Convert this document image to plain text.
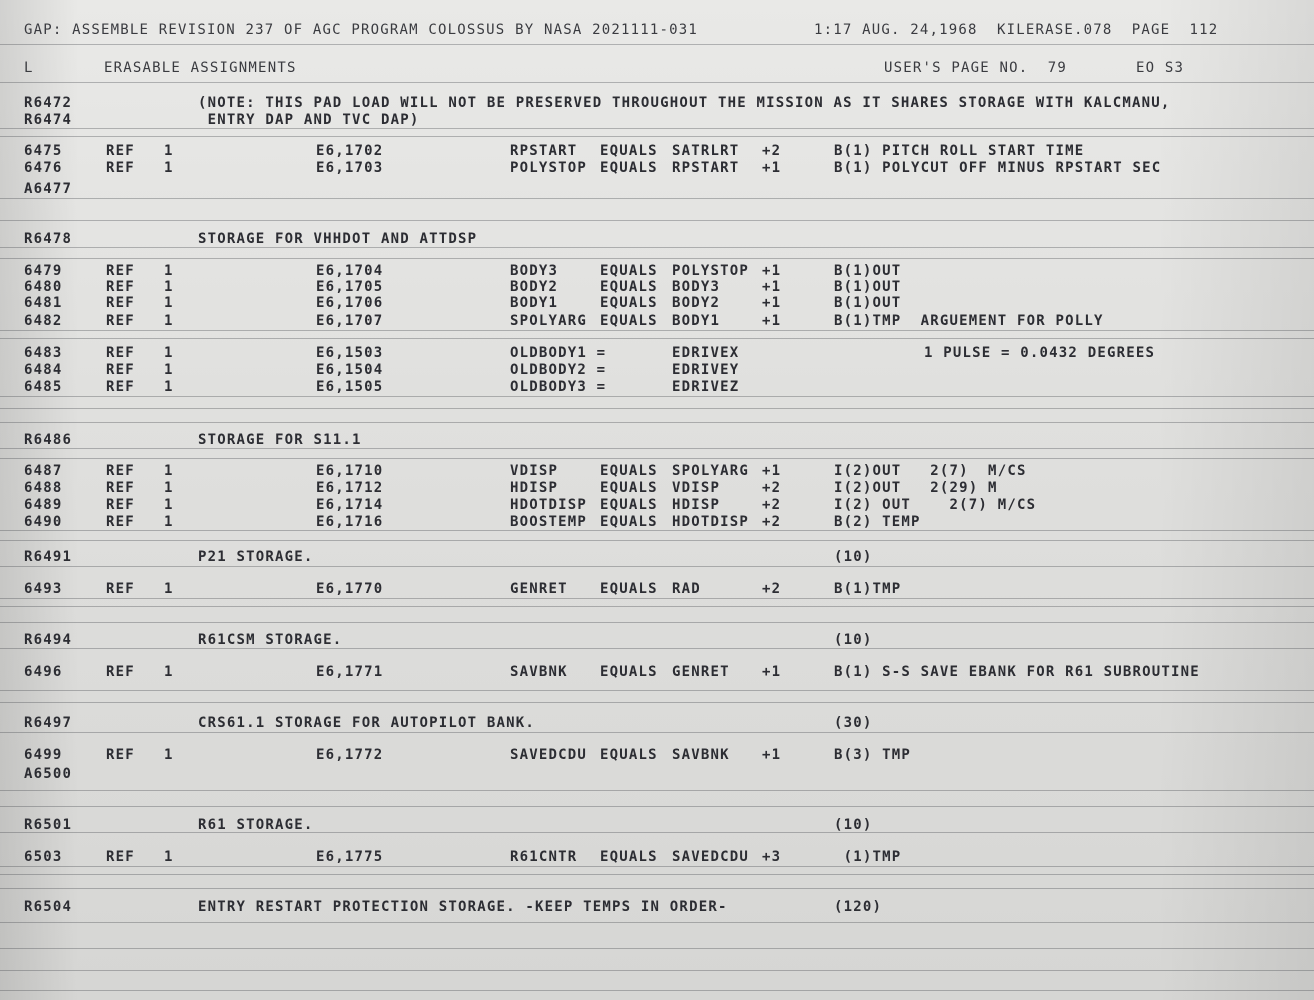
GAP: ASSEMBLE REVISION 237 OF AGC PROGRAM COLOSSUS BY NASA 2021111-031	1:17 AUG. 24,1968  KILERASE.078  PAGE  112
L	ERASABLE ASSIGNMENTS	USER'S PAGE NO.  79	EO S3
R6472	(NOTE: THIS PAD LOAD WILL NOT BE PRESERVED THROUGHOUT THE MISSION AS IT SHARES STORAGE WITH KALCMANU,
R6474	ENTRY DAP AND TVC DAP)
6475	REF 1	E6,1702	RPSTART EQUALS SATRLRT +2	B(1) PITCH ROLL START TIME
6476	REF 1	E6,1703	POLYSTOP EQUALS RPSTART +1	B(1) POLYCUT OFF MINUS RPSTART SEC
A6477
R6478	STORAGE FOR VHHDOT AND ATTDSP
6479	REF 1	E6,1704	BODY3	EQUALS POLYSTOP +1	B(1)OUT
6480	REF 1	E6,1705	BODY2	EQUALS BODY3	+1	B(1)OUT
6481	REF 1	E6,1706	BODY1	EQUALS BODY2	+1	B(1)OUT
6482	REF 1	E6,1707	SPOLYARG EQUALS BODY1	+1	B(1)TMP  ARGUEMENT FOR POLLY
6483	REF 1	E6,1503	OLDBODY1 =	EDRIVEX	1 PULSE = 0.0432 DEGREES
6484	REF 1	E6,1504	OLDBODY2 =	EDRIVEY
6485	REF 1	E6,1505	OLDBODY3 =	EDRIVEZ
R6486	STORAGE FOR S11.1
6487	REF 1	E6,1710	VDISP	EQUALS SPOLYARG +1	I(2)OUT   2(7)  M/CS
6488	REF 1	E6,1712	HDISP	EQUALS VDISP	+2	I(2)OUT   2(29) M
6489	REF 1	E6,1714	HDOTDISP EQUALS HDISP	+2	I(2) OUT    2(7) M/CS
6490	REF 1	E6,1716	BOOSTEMP EQUALS HDOTDISP +2	B(2) TEMP
R6491	P21 STORAGE.	(10)
6493	REF 1	E6,1770	GENRET EQUALS RAD	+2	B(1)TMP
R6494	R61CSM STORAGE.	(10)
6496	REF 1	E6,1771	SAVBNK EQUALS GENRET +1	B(1) S-S SAVE EBANK FOR R61 SUBROUTINE
R6497	CRS61.1 STORAGE FOR AUTOPILOT BANK.	(30)
6499	REF 1	E6,1772	SAVEDCDU EQUALS SAVBNK +1	B(3) TMP
A6500
R6501	R61 STORAGE.	(10)
6503	REF 1	E6,1775	R61CNTR EQUALS SAVEDCDU +3	(1)TMP
R6504	ENTRY RESTART PROTECTION STORAGE. -KEEP TEMPS IN ORDER-	(120)
